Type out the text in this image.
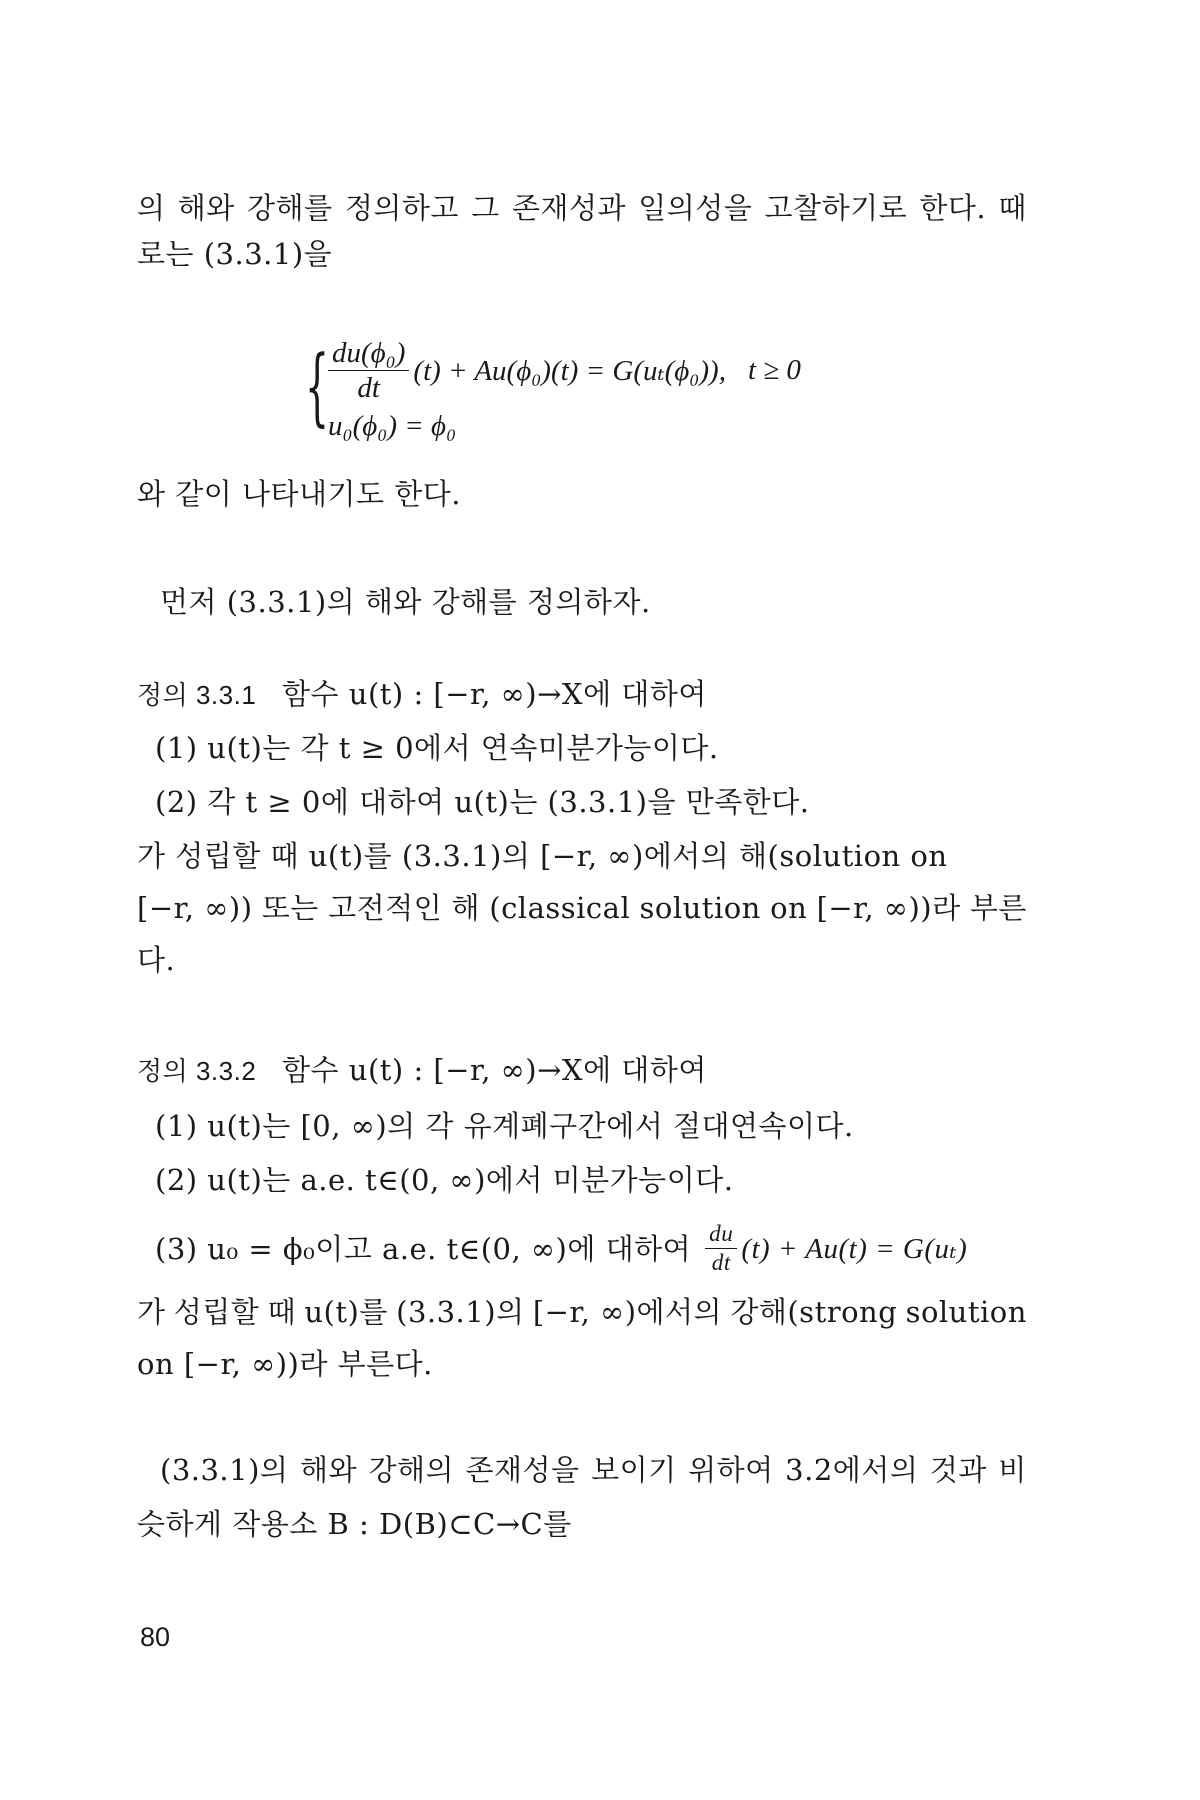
의 해와 강해를 정의하고 그 존재성과 일의성을 고찰하기로 한다. 때
로는 (3.3.1)을
{
$\frac{\text{du(ϕ₀)}}{dt} (t) + Au(\phi_0)(t) = G(u_t(\phi_0))$, t ≥ 0
u₀(ϕ₀) = ϕ₀
와 같이 나타내기도 한다.
먼저 (3.3.1)의 해와 강해를 정의하자.
정의 3.3.1 함수 u(t) : [−r, ∞)→X에 대하여
(1) u(t)는 각 t ≥ 0에서 연속미분가능이다.
(2) 각 t ≥ 0에 대하여 u(t)는 (3.3.1)을 만족한다.
가 성립할 때 u(t)를 (3.3.1)의 [−r, ∞)에서의 해(solution on
[−r, ∞)) 또는 고전적인 해 (classical solution on [−r, ∞))라 부른
다.
정의 3.3.2 함수 u(t) : [−r, ∞)→X에 대하여
(1) u(t)는 [0, ∞)의 각 유계폐구간에서 절대연속이다.
(2) u(t)는 a.e. t∈(0, ∞)에서 미분가능이다.
(3) u₀ = ϕ₀이고 a.e. t∈(0, ∞)에 대하여 $\frac{du}{dt} (t) + Au(t) = G(u_t)$
가 성립할 때 u(t)를 (3.3.1)의 [−r, ∞)에서의 강해(strong solution
on [−r, ∞))라 부른다.
(3.3.1)의 해와 강해의 존재성을 보이기 위하여 3.2에서의 것과 비
슷하게 작용소 B : D(B)⊂C→C를
80
